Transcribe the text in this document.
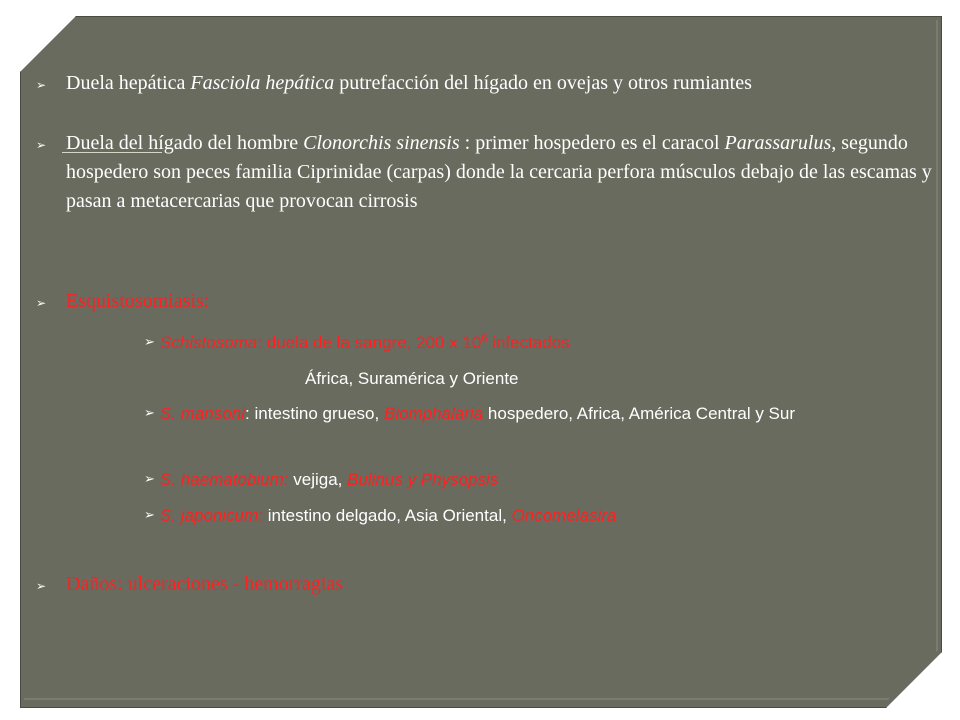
➢ Duela hepática Fasciola hepática putrefacción del hígado en ovejas y otros rumiantes
➢ Duela del hígado del hombre Clonorchis sinensis : primer hospedero es el caracol Parassarulus, segundo hospedero son peces familia Ciprinidae (carpas) donde la cercaria perfora músculos debajo de las escamas y pasan a metacercarias que provocan cirrosis
➢ Esquistosomiasis:
➢ Schistosoma: duela de la sangre, 200 x $10^6$ infectados
África, Suramérica y Oriente
➢ S. mansoni: intestino grueso, Biomphalaria hospedero, Africa, América Central y Sur
➢ S. haematobium: vejiga, Bulinus y Physopsis
➢ S. japonicum: intestino delgado, Asia Oriental, Oncomelasira
➢ Daños: ulceraciones - hemorragias
